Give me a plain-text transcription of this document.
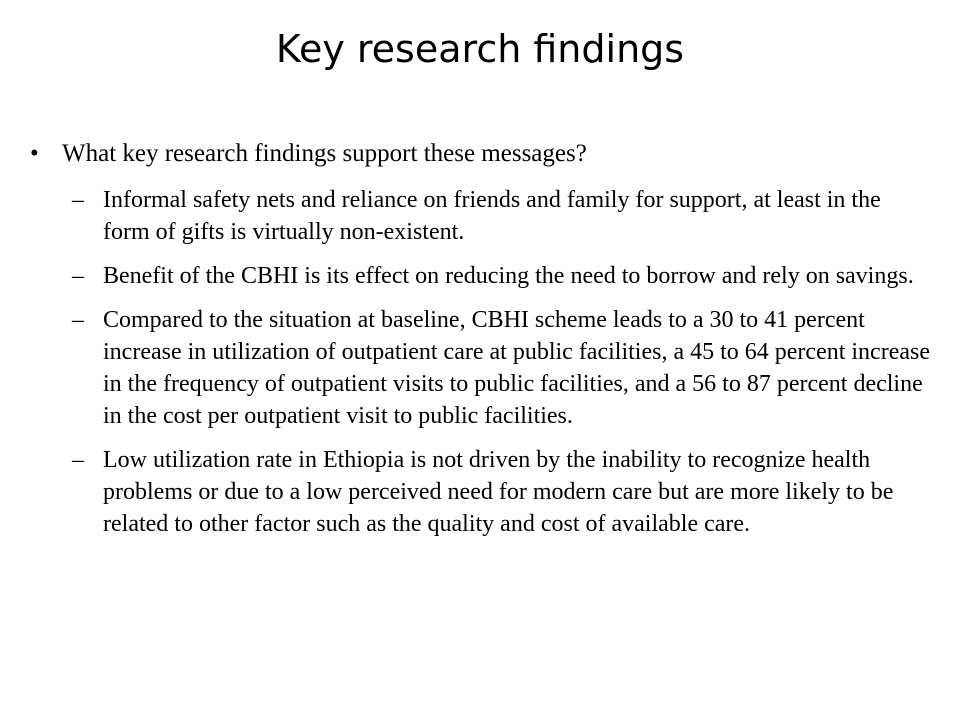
Key research findings
• What key research findings support these messages?
– Informal safety nets and reliance on friends and family for support, at least in the form of gifts is virtually non-existent.
– Benefit of the CBHI is its effect on reducing the need to borrow and rely on savings.
– Compared to the situation at baseline, CBHI scheme leads to a 30 to 41 percent increase in utilization of outpatient care at public facilities, a 45 to 64 percent increase in the frequency of outpatient visits to public facilities, and a 56 to 87 percent decline in the cost per outpatient visit to public facilities.
– Low utilization rate in Ethiopia is not driven by the inability to recognize health problems or due to a low perceived need for modern care but are more likely to be related to other factor such as the quality and cost of available care.
